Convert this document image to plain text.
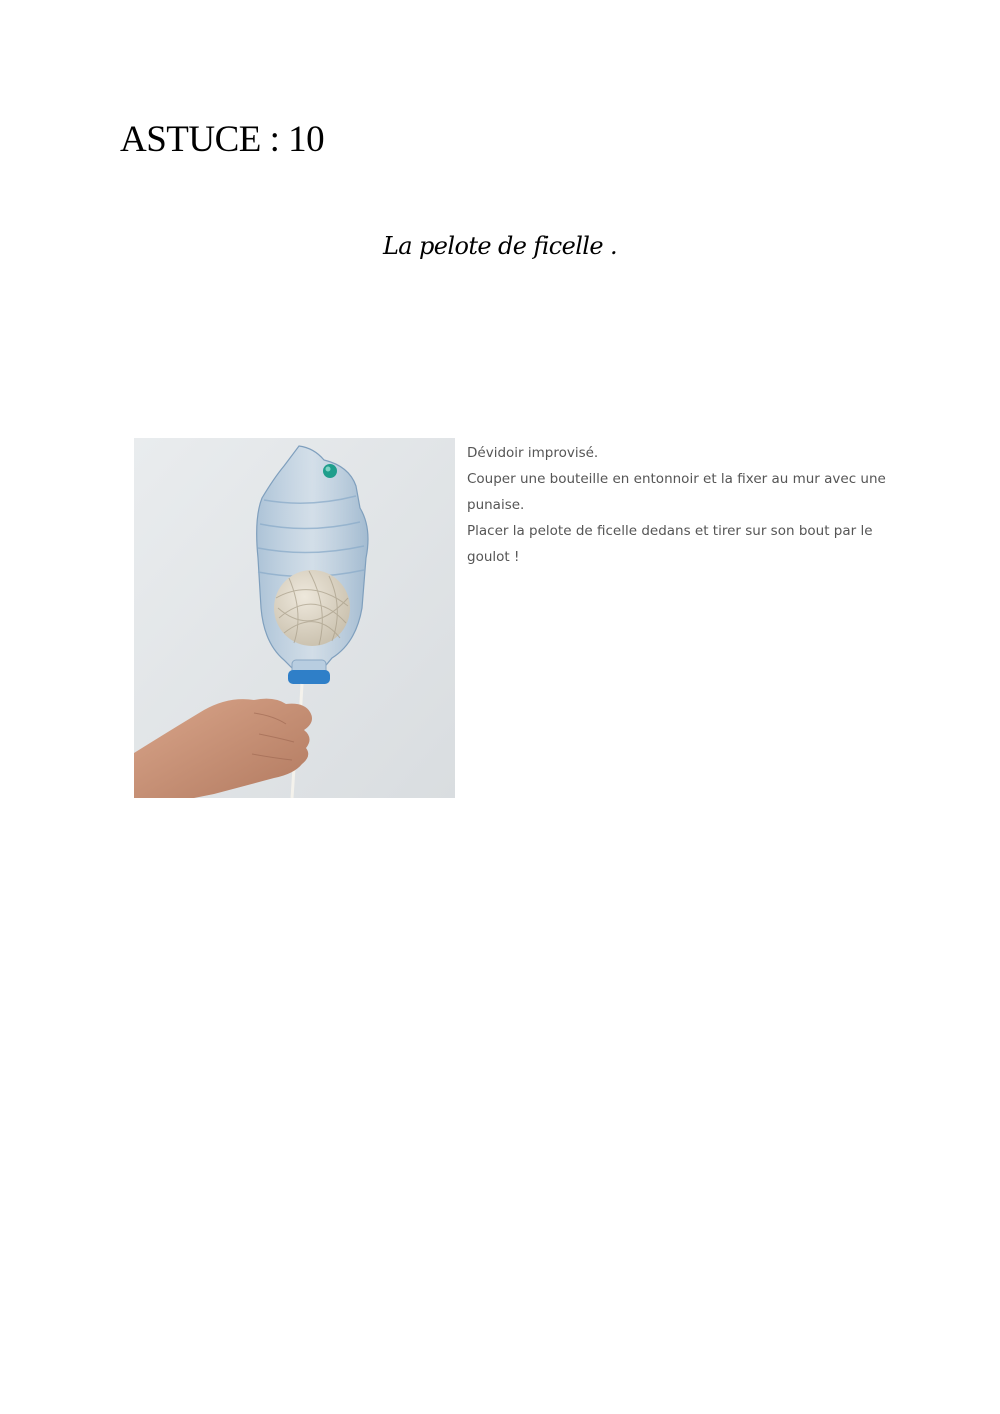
ASTUCE : 10
La pelote de ficelle .
Dévidoir improvisé.
Couper une bouteille en entonnoir et la fixer au mur avec une
punaise.
Placer la pelote de ficelle dedans et tirer sur son bout par le
goulot !
